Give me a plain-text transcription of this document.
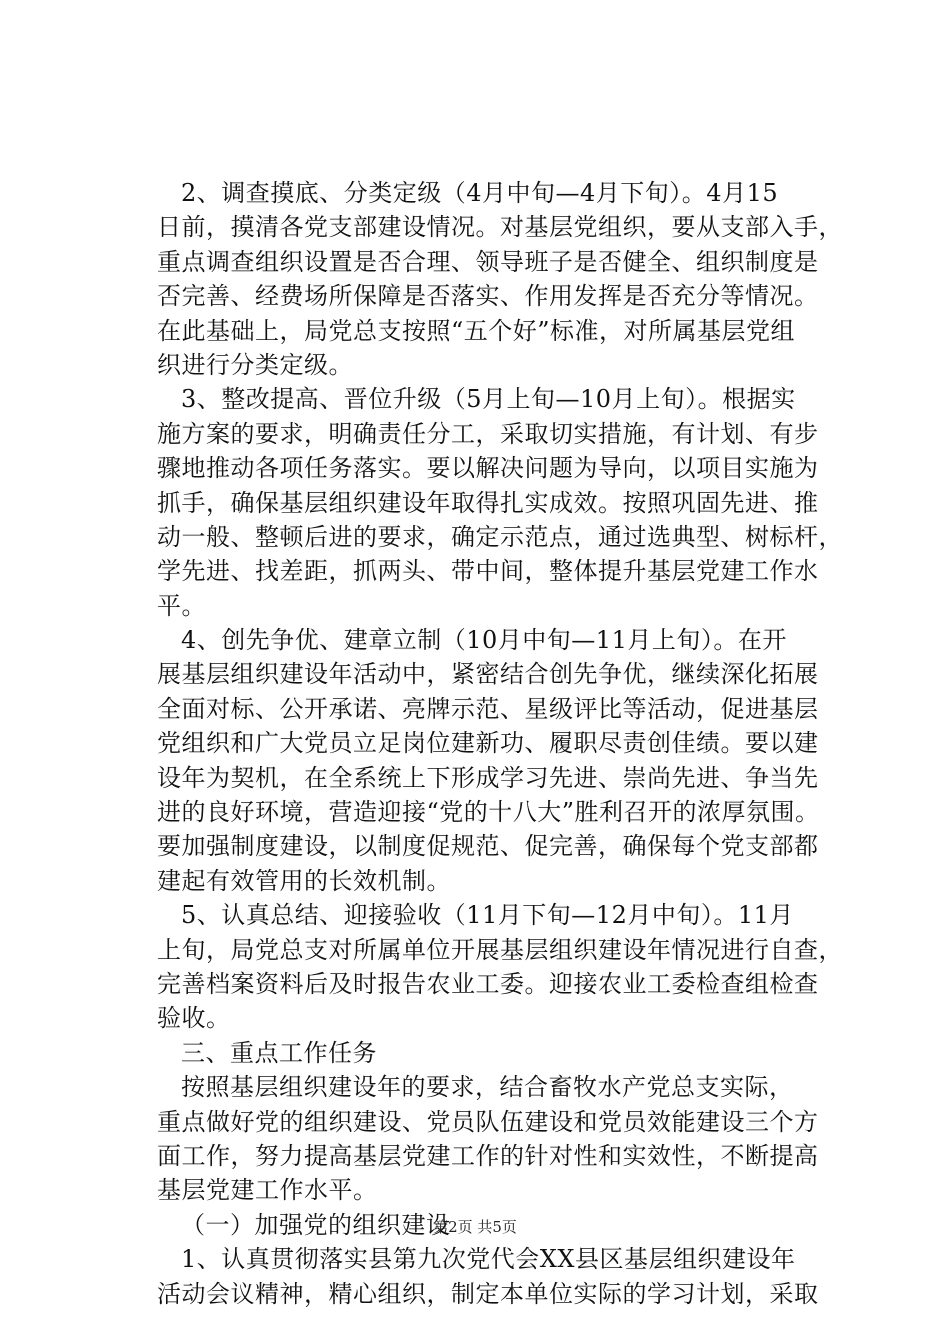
2、调查摸底、分类定级（4月中旬—4月下旬）。4月15
日前，摸清各党支部建设情况。对基层党组织，要从支部入手，
重点调查组织设置是否合理、领导班子是否健全、组织制度是
否完善、经费场所保障是否落实、作用发挥是否充分等情况。
在此基础上，局党总支按照“五个好”标准，对所属基层党组
织进行分类定级。
3、整改提高、晋位升级（5月上旬—10月上旬）。根据实
施方案的要求，明确责任分工，采取切实措施，有计划、有步
骤地推动各项任务落实。要以解决问题为导向，以项目实施为
抓手，确保基层组织建设年取得扎实成效。按照巩固先进、推
动一般、整顿后进的要求，确定示范点，通过选典型、树标杆，
学先进、找差距，抓两头、带中间，整体提升基层党建工作水
平。
4、创先争优、建章立制（10月中旬—11月上旬）。在开
展基层组织建设年活动中，紧密结合创先争优，继续深化拓展
全面对标、公开承诺、亮牌示范、星级评比等活动，促进基层
党组织和广大党员立足岗位建新功、履职尽责创佳绩。要以建
设年为契机，在全系统上下形成学习先进、崇尚先进、争当先
进的良好环境，营造迎接“党的十八大”胜利召开的浓厚氛围。
要加强制度建设，以制度促规范、促完善，确保每个党支部都
建起有效管用的长效机制。
5、认真总结、迎接验收（11月下旬—12月中旬）。11月
上旬，局党总支对所属单位开展基层组织建设年情况进行自查，
完善档案资料后及时报告农业工委。迎接农业工委检查组检查
验收。
三、重点工作任务
按照基层组织建设年的要求，结合畜牧水产党总支实际，
重点做好党的组织建设、党员队伍建设和党员效能建设三个方
面工作，努力提高基层党建工作的针对性和实效性，不断提高
基层党建工作水平。
（一）加强党的组织建设
1、认真贯彻落实县第九次党代会XX县区基层组织建设年
活动会议精神，精心组织，制定本单位实际的学习计划，采取
第2页 共5页
